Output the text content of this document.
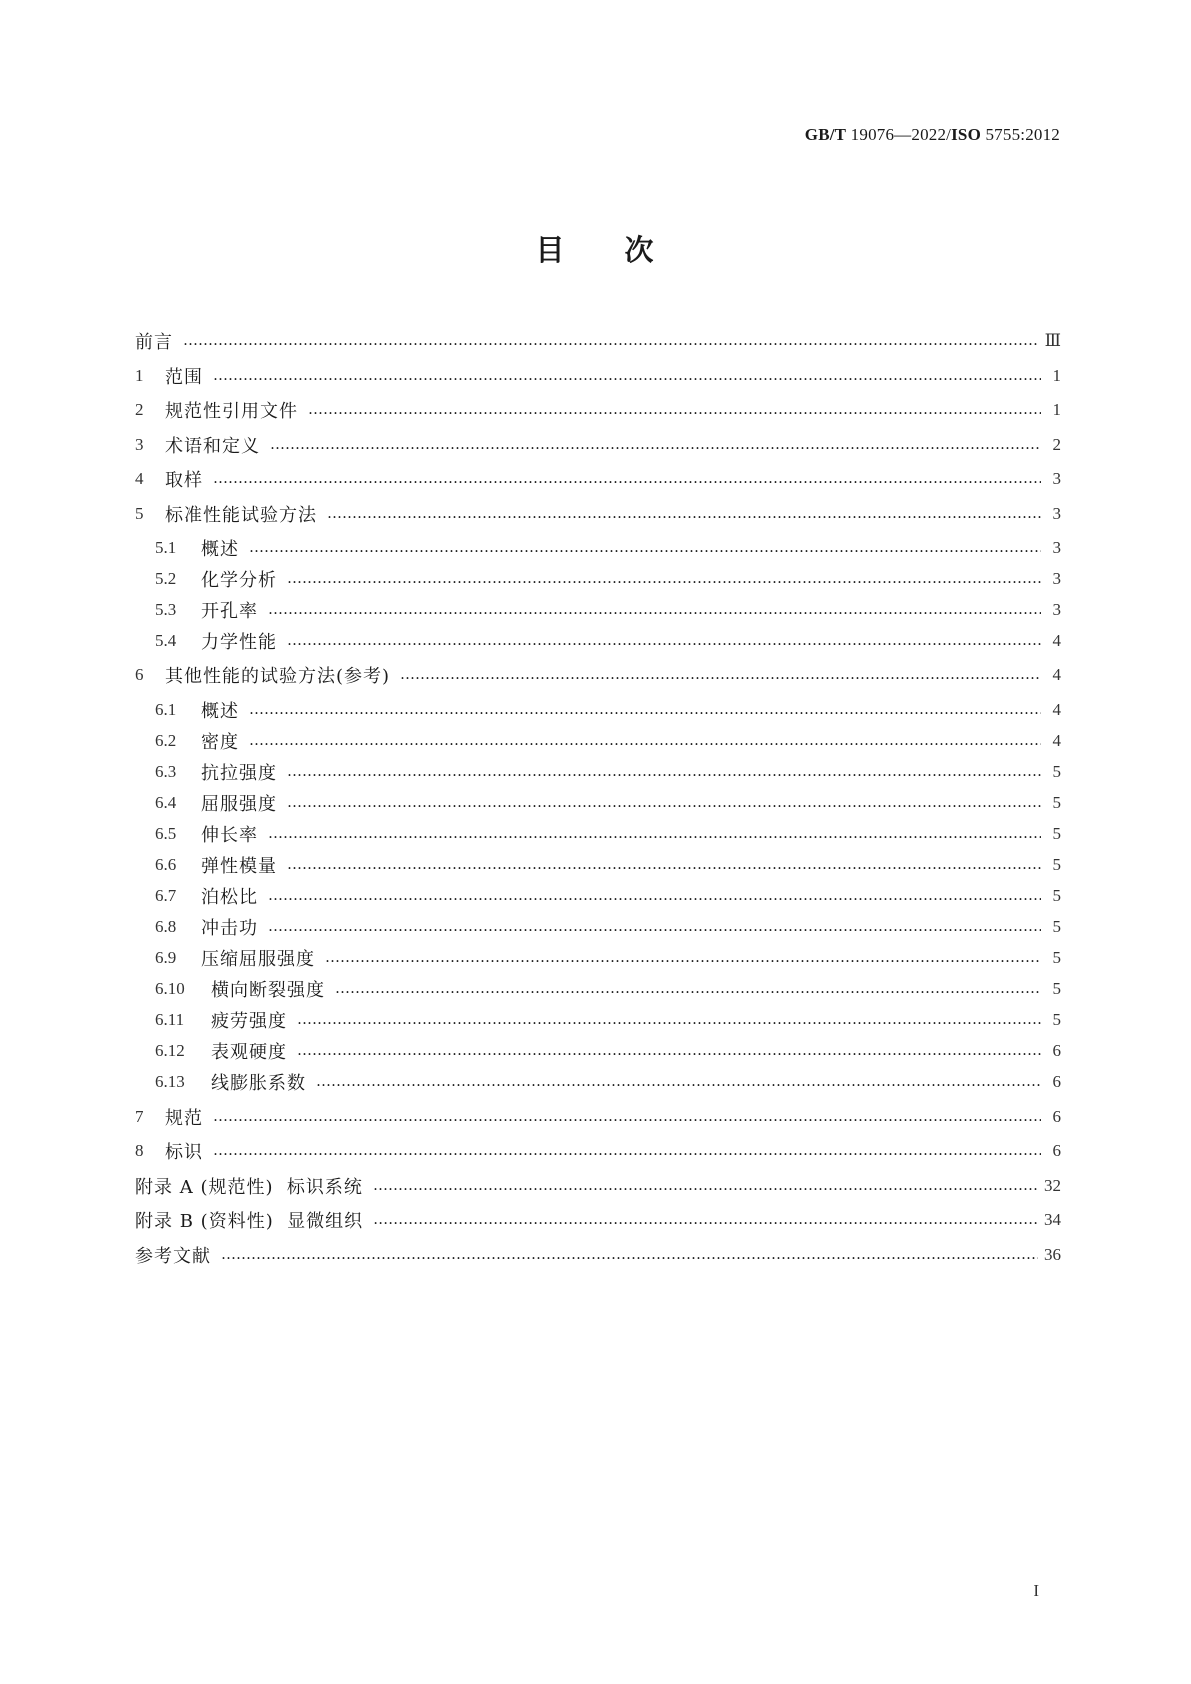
GB/T 19076—2022/ISO 5755:2012
目 次
前言 ………………………………………………………………………………………………………………………………………………………………………………………………………………………………………………………	Ⅲ
1	范围 ………………………………………………………………………………………………………………………………………………………………………………………………………………………………………………………	1
2	规范性引用文件 ………………………………………………………………………………………………………………………………………………………………………………………………………………………………………………………	1
3	术语和定义 ………………………………………………………………………………………………………………………………………………………………………………………………………………………………………………………	2
4	取样 ………………………………………………………………………………………………………………………………………………………………………………………………………………………………………………………	3
5	标准性能试验方法 ………………………………………………………………………………………………………………………………………………………………………………………………………………………………………………………	3
5.1	概述 ………………………………………………………………………………………………………………………………………………………………………………………………………………………………………………………	3
5.2	化学分析 ………………………………………………………………………………………………………………………………………………………………………………………………………………………………………………………	3
5.3	开孔率 ………………………………………………………………………………………………………………………………………………………………………………………………………………………………………………………	3
5.4	力学性能 ………………………………………………………………………………………………………………………………………………………………………………………………………………………………………………………	4
6	其他性能的试验方法(参考) ………………………………………………………………………………………………………………………………………………………………………………………………………………………………………………………	4
6.1	概述 ………………………………………………………………………………………………………………………………………………………………………………………………………………………………………………………	4
6.2	密度 ………………………………………………………………………………………………………………………………………………………………………………………………………………………………………………………	4
6.3	抗拉强度 ………………………………………………………………………………………………………………………………………………………………………………………………………………………………………………………	5
6.4	屈服强度 ………………………………………………………………………………………………………………………………………………………………………………………………………………………………………………………	5
6.5	伸长率 ………………………………………………………………………………………………………………………………………………………………………………………………………………………………………………………	5
6.6	弹性模量 ………………………………………………………………………………………………………………………………………………………………………………………………………………………………………………………	5
6.7	泊松比 ………………………………………………………………………………………………………………………………………………………………………………………………………………………………………………………	5
6.8	冲击功 ………………………………………………………………………………………………………………………………………………………………………………………………………………………………………………………	5
6.9	压缩屈服强度 ………………………………………………………………………………………………………………………………………………………………………………………………………………………………………………………	5
6.10	横向断裂强度 ………………………………………………………………………………………………………………………………………………………………………………………………………………………………………………………	5
6.11	疲劳强度 ………………………………………………………………………………………………………………………………………………………………………………………………………………………………………………………	5
6.12	表观硬度 ………………………………………………………………………………………………………………………………………………………………………………………………………………………………………………………	6
6.13	线膨胀系数 ………………………………………………………………………………………………………………………………………………………………………………………………………………………………………………………	6
7	规范 ………………………………………………………………………………………………………………………………………………………………………………………………………………………………………………………	6
8	标识 ………………………………………………………………………………………………………………………………………………………………………………………………………………………………………………………	6
附录 A (规范性)  标识系统 ………………………………………………………………………………………………………………………………………………………………………………………………………………………………………………………	32
附录 B (资料性)  显微组织 ………………………………………………………………………………………………………………………………………………………………………………………………………………………………………………………	34
参考文献 ………………………………………………………………………………………………………………………………………………………………………………………………………………………………………………………	36
I
